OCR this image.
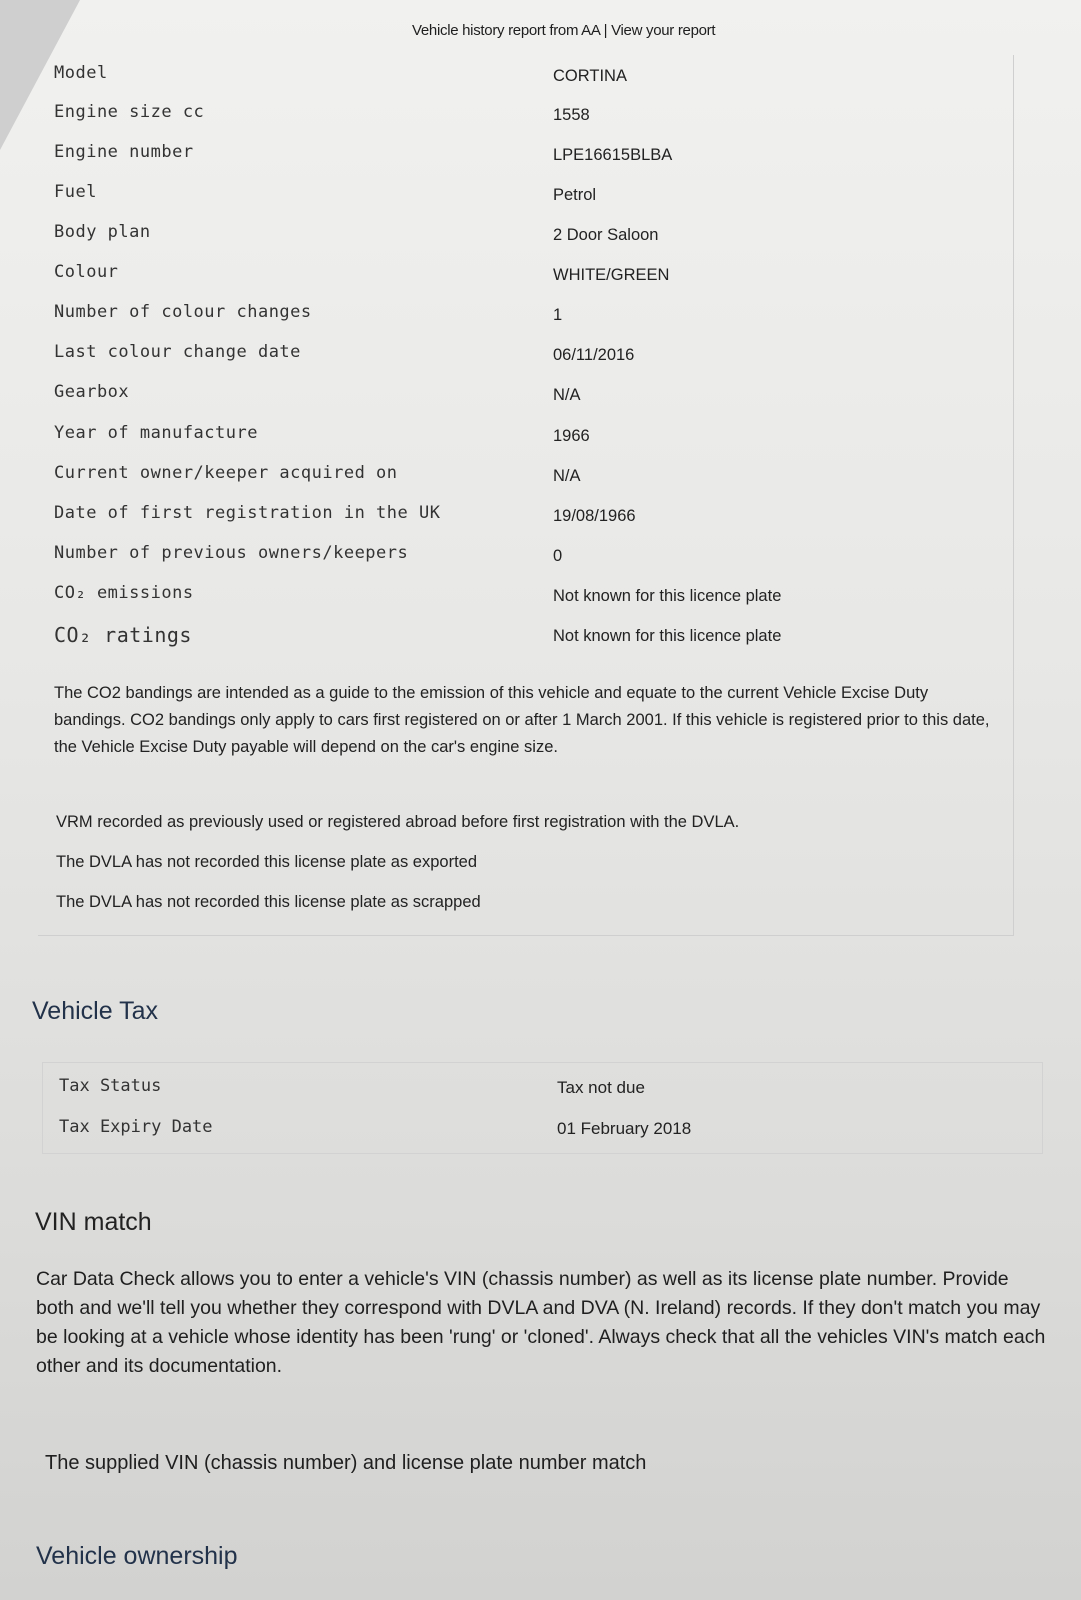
Vehicle history report from AA | View your report
Model	CORTINA
Engine size cc	1558
Engine number	LPE16615BLBA
Fuel	Petrol
Body plan	2 Door Saloon
Colour	WHITE/GREEN
Number of colour changes	1
Last colour change date	06/11/2016
Gearbox	N/A
Year of manufacture	1966
Current owner/keeper acquired on	N/A
Date of first registration in the UK	19/08/1966
Number of previous owners/keepers	0
CO₂ emissions	Not known for this licence plate
CO₂ ratings	Not known for this licence plate
The CO2 bandings are intended as a guide to the emission of this vehicle and equate to the current Vehicle Excise Duty bandings. CO2 bandings only apply to cars first registered on or after 1 March 2001. If this vehicle is registered prior to this date, the Vehicle Excise Duty payable will depend on the car's engine size.
VRM recorded as previously used or registered abroad before first registration with the DVLA.
The DVLA has not recorded this license plate as exported
The DVLA has not recorded this license plate as scrapped
Vehicle Tax
Tax Status	Tax not due
Tax Expiry Date	01 February 2018
VIN match
Car Data Check allows you to enter a vehicle's VIN (chassis number) as well as its license plate number. Provide both and we'll tell you whether they correspond with DVLA and DVA (N. Ireland) records. If they don't match you may be looking at a vehicle whose identity has been 'rung' or 'cloned'. Always check that all the vehicles VIN's match each other and its documentation.
The supplied VIN (chassis number) and license plate number match
Vehicle ownership
